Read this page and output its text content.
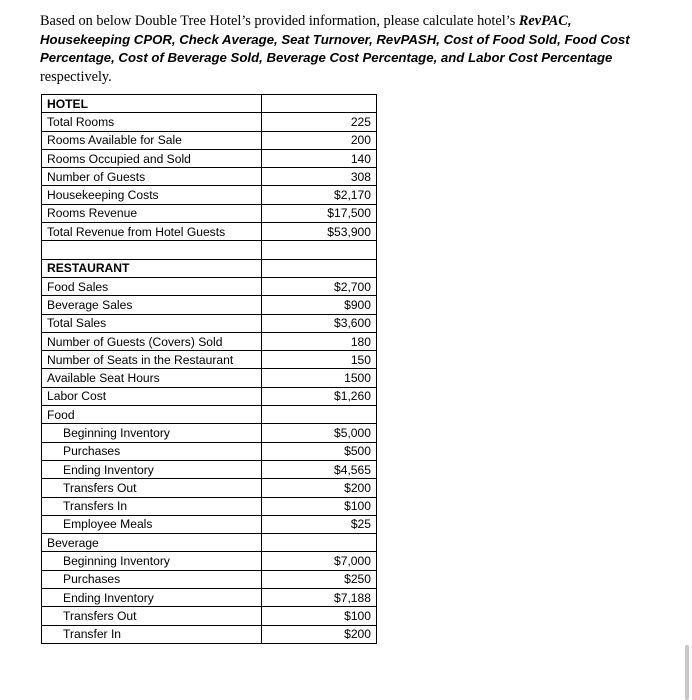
Based on below Double Tree Hotel’s provided information, please calculate hotel’s RevPAC, Housekeeping CPOR, Check Average, Seat Turnover, RevPASH, Cost of Food Sold, Food Cost Percentage, Cost of Beverage Sold, Beverage Cost Percentage, and Labor Cost Percentage respectively.
HOTEL	
Total Rooms	225
Rooms Available for Sale	200
Rooms Occupied and Sold	140
Number of Guests	308
Housekeeping Costs	$2,170
Rooms Revenue	$17,500
Total Revenue from Hotel Guests	$53,900

RESTAURANT	
Food Sales	$2,700
Beverage Sales	$900
Total Sales	$3,600
Number of Guests (Covers) Sold	180
Number of Seats in the Restaurant	150
Available Seat Hours	1500
Labor Cost	$1,260
Food	
Beginning Inventory	$5,000
Purchases	$500
Ending Inventory	$4,565
Transfers Out	$200
Transfers In	$100
Employee Meals	$25
Beverage	
Beginning Inventory	$7,000
Purchases	$250
Ending Inventory	$7,188
Transfers Out	$100
Transfer In	$200
